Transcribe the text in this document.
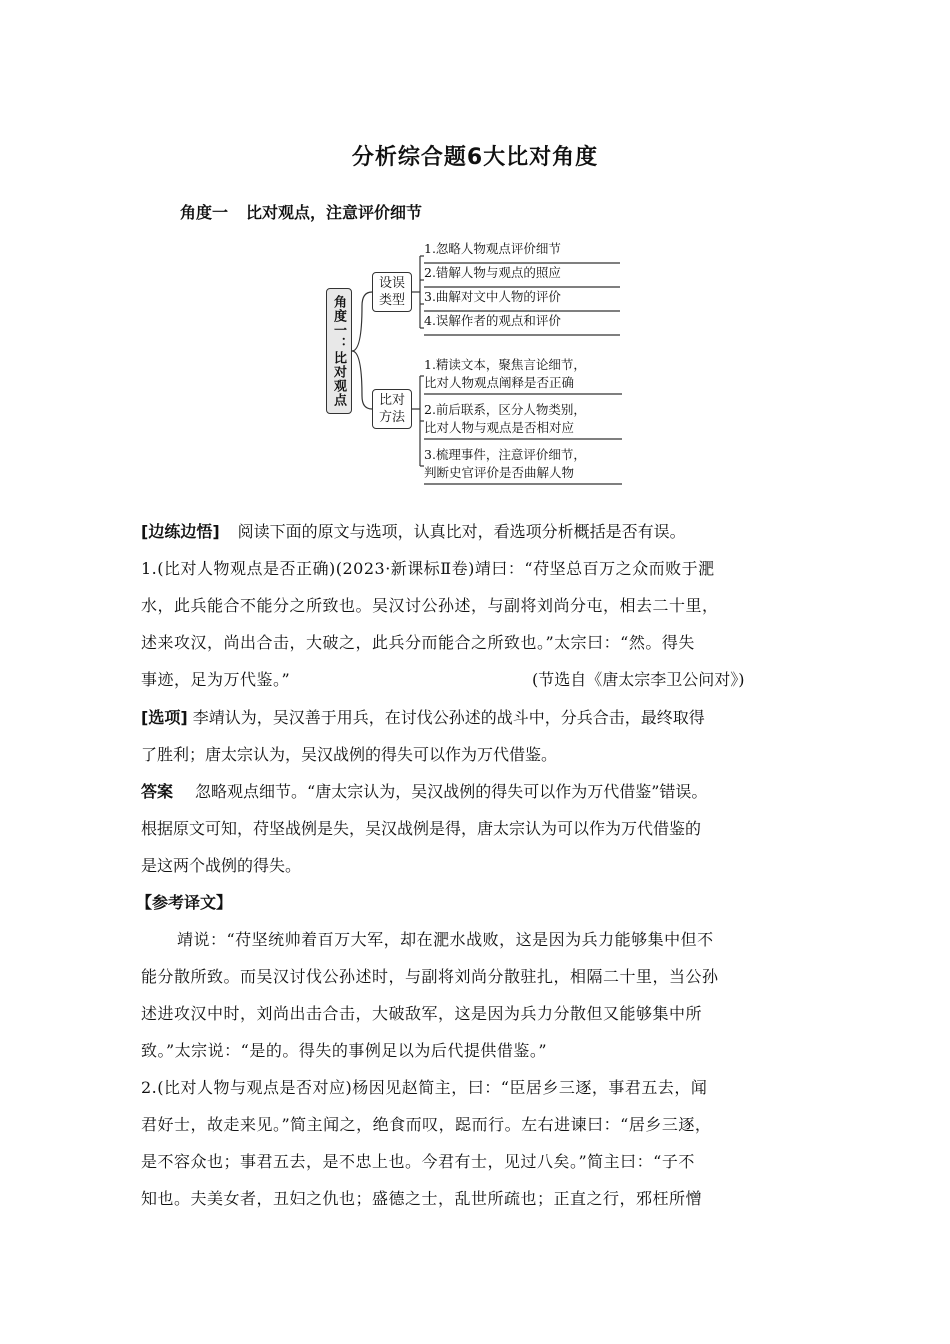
分析综合题6大比对角度
角度一 比对观点，注意评价细节
角度一：比对观点
设误
类型
比对
方法
1.忽略人物观点评价细节
2.错解人物与观点的照应
3.曲解对文中人物的评价
4.误解作者的观点和评价
1.精读文本，聚焦言论细节，
比对人物观点阐释是否正确
2.前后联系，区分人物类别，
比对人物与观点是否相对应
3.梳理事件，注意评价细节，
判断史官评价是否曲解人物
[边练边悟] 阅读下面的原文与选项，认真比对，看选项分析概括是否有误。
1.(比对人物观点是否正确)(2023·新课标Ⅱ卷)靖曰：“苻坚总百万之众而败于淝
水，此兵能合不能分之所致也。吴汉讨公孙述，与副将刘尚分屯，相去二十里，
述来攻汉，尚出合击，大破之，此兵分而能合之所致也。”太宗曰：“然。得失
事迹，足为万代鉴。”	(节选自《唐太宗李卫公问对》)
[选项] 李靖认为，吴汉善于用兵，在讨伐公孙述的战斗中，分兵合击，最终取得
了胜利；唐太宗认为，吴汉战例的得失可以作为万代借鉴。
答案 忽略观点细节。“唐太宗认为，吴汉战例的得失可以作为万代借鉴”错误。
根据原文可知，苻坚战例是失，吴汉战例是得，唐太宗认为可以作为万代借鉴的
是这两个战例的得失。
【参考译文】
靖说：“苻坚统帅着百万大军，却在淝水战败，这是因为兵力能够集中但不
能分散所致。而吴汉讨伐公孙述时，与副将刘尚分散驻扎，相隔二十里，当公孙
述进攻汉中时，刘尚出击合击，大破敌军，这是因为兵力分散但又能够集中所
致。”太宗说：“是的。得失的事例足以为后代提供借鉴。”
2.(比对人物与观点是否对应)杨因见赵简主，曰：“臣居乡三逐，事君五去，闻
君好士，故走来见。”简主闻之，绝食而叹，跽而行。左右进谏曰：“居乡三逐，
是不容众也；事君五去，是不忠上也。今君有士，见过八矣。”简主曰：“子不
知也。夫美女者，丑妇之仇也；盛德之士，乱世所疏也；正直之行，邪枉所憎
